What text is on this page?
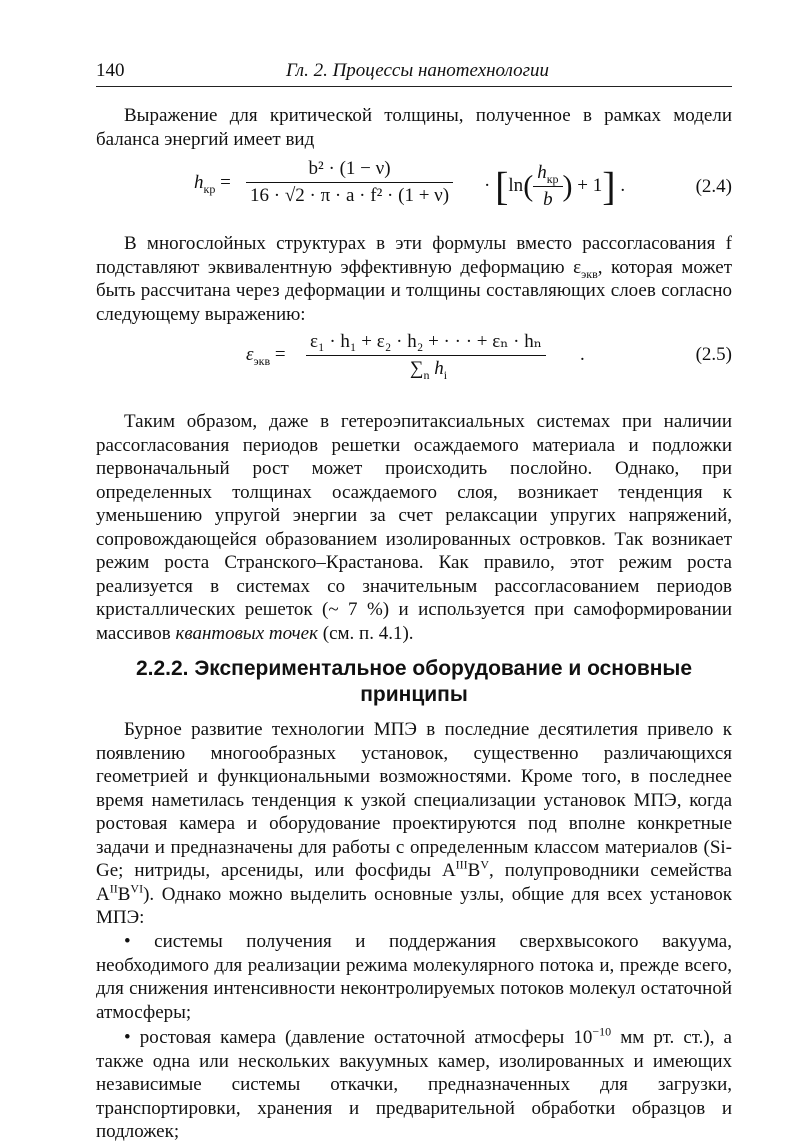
140	Гл. 2. Процессы нанотехнологии

Выражение для критической толщины, полученное в рамках модели баланса энергий имеет вид

$h_{кр} = \frac{\text{b² · (1 − ν)}}{\text{16 · √2 · π · a · f² · (1 + ν)}} \cdot [\ln( \frac{h_{кр}}{b}$ ) + 1] .	(2.4)

В многослойных структурах в эти формулы вместо рассогласования f подставляют эквивалентную эффективную деформацию $\varepsilon_{экв}$, которая может быть рассчитана через деформации и толщины составляющих слоев согласно следующему выражению:

$\varepsilon_{экв} = \frac{\text{ε₁ · h₁ + ε₂ · h₂ + · · · + εₙ · hₙ}}{\sum_n h_i}$ .	(2.5)

Таким образом, даже в гетероэпитаксиальных системах при наличии рассогласования периодов решетки осаждаемого материала и подложки первоначальный рост может происходить послойно. Однако, при определенных толщинах осаждаемого слоя, возникает тенденция к уменьшению упругой энергии за счет релаксации упругих напряжений, сопровождающейся образованием изолированных островков. Так возникает режим роста Странского–Крастанова. Как правило, этот режим роста реализуется в системах со значительным рассогласованием периодов кристаллических решеток (~ 7 %) и используется при самоформировании массивов квантовых точек (см. п. 4.1).

2.2.2. Экспериментальное оборудование и основные
принципы

Бурное развитие технологии МПЭ в последние десятилетия привело к появлению многообразных установок, существенно различающихся геометрией и функциональными возможностями. Кроме того, в последнее время наметилась тенденция к узкой специализации установок МПЭ, когда ростовая камера и оборудование проектируются под вполне конкретные задачи и предназначены для работы с определенным классом материалов (Si-Ge; нитриды, арсениды, или фосфиды $A^{III}B^V$, полупроводники семейства $A^{II}B^{VI}$). Однако можно выделить основные узлы, общие для всех установок МПЭ:

• системы получения и поддержания сверхвысокого вакуума, необходимого для реализации режима молекулярного потока и, прежде всего, для снижения интенсивности неконтролируемых потоков молекул остаточной атмосферы;

• ростовая камера (давление остаточной атмосферы $10^{-10}$ мм рт. ст.), а также одна или нескольких вакуумных камер, изолированных и имеющих независимые системы откачки, предназначенных для загрузки, транспортировки, хранения и предварительной обработки образцов и подложек;
